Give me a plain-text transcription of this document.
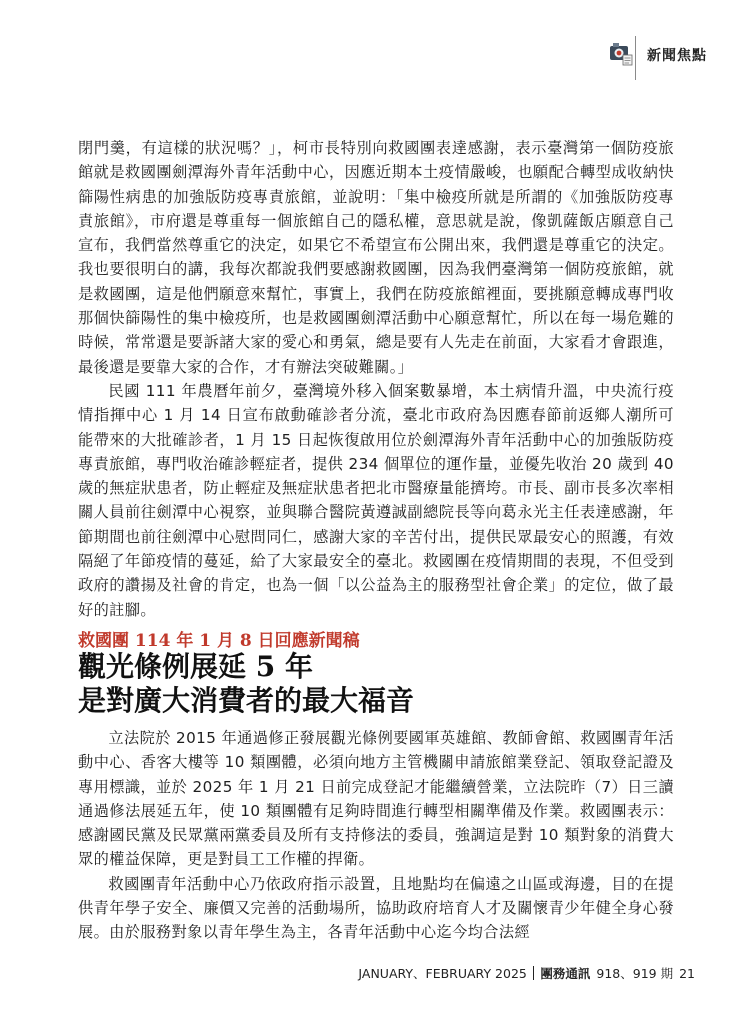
新聞焦點

閉門羹，有這樣的狀況嗎？」，柯市長特別向救國團表達感謝，表示臺灣第一個防疫旅館就是救國團劍潭海外青年活動中心，因應近期本土疫情嚴峻，也願配合轉型成收納快篩陽性病患的加強版防疫專責旅館，並說明：「集中檢疫所就是所謂的《加強版防疫專責旅館》，市府還是尊重每一個旅館自己的隱私權，意思就是說，像凱薩飯店願意自己宣布，我們當然尊重它的決定，如果它不希望宣布公開出來，我們還是尊重它的決定。我也要很明白的講，我每次都說我們要感謝救國團，因為我們臺灣第一個防疫旅館，就是救國團，這是他們願意來幫忙，事實上，我們在防疫旅館裡面，要挑願意轉成專門收那個快篩陽性的集中檢疫所，也是救國團劍潭活動中心願意幫忙，所以在每一場危難的時候，常常還是要訴諸大家的愛心和勇氣，總是要有人先走在前面，大家看才會跟進，最後還是要靠大家的合作，才有辦法突破難關。」

民國 111 年農曆年前夕，臺灣境外移入個案數暴增，本土病情升溫，中央流行疫情指揮中心 1 月 14 日宣布啟動確診者分流，臺北市政府為因應春節前返鄉人潮所可能帶來的大批確診者，1 月 15 日起恢復啟用位於劍潭海外青年活動中心的加強版防疫專責旅館，專門收治確診輕症者，提供 234 個單位的運作量，並優先收治 20 歲到 40 歲的無症狀患者，防止輕症及無症狀患者把北市醫療量能擠垮。市長、副市長多次率相關人員前往劍潭中心視察，並與聯合醫院黃遵誠副總院長等向葛永光主任表達感謝，年節期間也前往劍潭中心慰問同仁，感謝大家的辛苦付出，提供民眾最安心的照護，有效隔絕了年節疫情的蔓延，給了大家最安全的臺北。救國團在疫情期間的表現，不但受到政府的讚揚及社會的肯定，也為一個「以公益為主的服務型社會企業」的定位，做了最好的註腳。

救國團 114 年 1 月 8 日回應新聞稿
觀光條例展延 5 年
是對廣大消費者的最大福音

立法院於 2015 年通過修正發展觀光條例要國軍英雄館、教師會館、救國團青年活動中心、香客大樓等 10 類團體，必須向地方主管機關申請旅館業登記、領取登記證及專用標識，並於 2025 年 1 月 21 日前完成登記才能繼續營業，立法院昨（7）日三讀通過修法展延五年，使 10 類團體有足夠時間進行轉型相關準備及作業。救國團表示：感謝國民黨及民眾黨兩黨委員及所有支持修法的委員，強調這是對 10 類對象的消費大眾的權益保障，更是對員工工作權的捍衛。

救國團青年活動中心乃依政府指示設置，且地點均在偏遠之山區或海邊，目的在提供青年學子安全、廉價又完善的活動場所，協助政府培育人才及關懷青少年健全身心發展。由於服務對象以青年學生為主，各青年活動中心迄今均合法經

JANUARY、FEBRUARY 2025 團務通訊 918、919 期 21
